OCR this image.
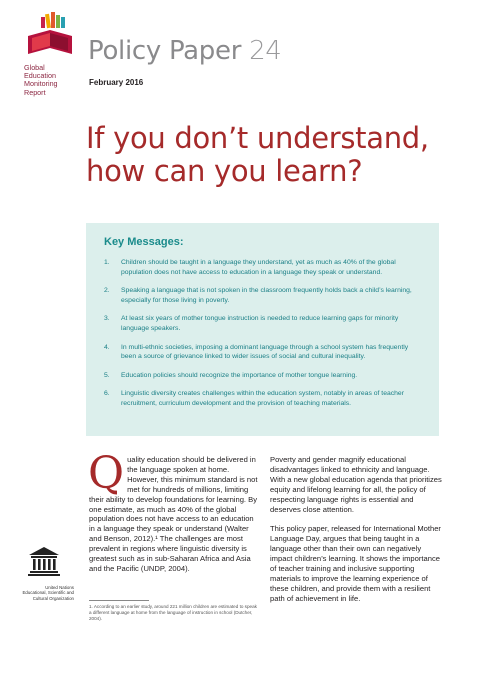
Global
Education
Monitoring
Report
Policy Paper 24
February 2016
If you don’t understand,
how can you learn?
Key Messages:
1.	Children should be taught in a language they understand, yet as much as 40% of the global population does not have access to education in a language they speak or understand.
2.	Speaking a language that is not spoken in the classroom frequently holds back a child’s learning, especially for those living in poverty.
3.	At least six years of mother tongue instruction is needed to reduce learning gaps for minority language speakers.
4.	In multi-ethnic societies, imposing a dominant language through a school system has frequently been a source of grievance linked to wider issues of social and cultural inequality.
5.	Education policies should recognize the importance of mother tongue learning.
6.	Linguistic diversity creates challenges within the education system, notably in areas of teacher recruitment, curriculum development and the provision of teaching materials.

Quality education should be delivered in the language spoken at home. However, this minimum standard is not met for hundreds of millions, limiting their ability to develop foundations for learning. By one estimate, as much as 40% of the global population does not have access to an education in a language they speak or understand (Walter and Benson, 2012).¹ The challenges are most prevalent in regions where linguistic diversity is greatest such as in sub-Saharan Africa and Asia and the Pacific (UNDP, 2004).

Poverty and gender magnify educational disadvantages linked to ethnicity and language. With a new global education agenda that prioritizes equity and lifelong learning for all, the policy of respecting language rights is essential and deserves close attention.

This policy paper, released for International Mother Language Day, argues that being taught in a language other than their own can negatively impact children’s learning. It shows the importance of teacher training and inclusive supporting materials to improve the learning experience of these children, and provide them with a resilient path of achievement in life.

1. According to an earlier study, around 221 million children are estimated to speak a different language at home from the language of instruction in school (Dutcher, 2004).
United Nations
Educational, Scientific and
Cultural Organization
